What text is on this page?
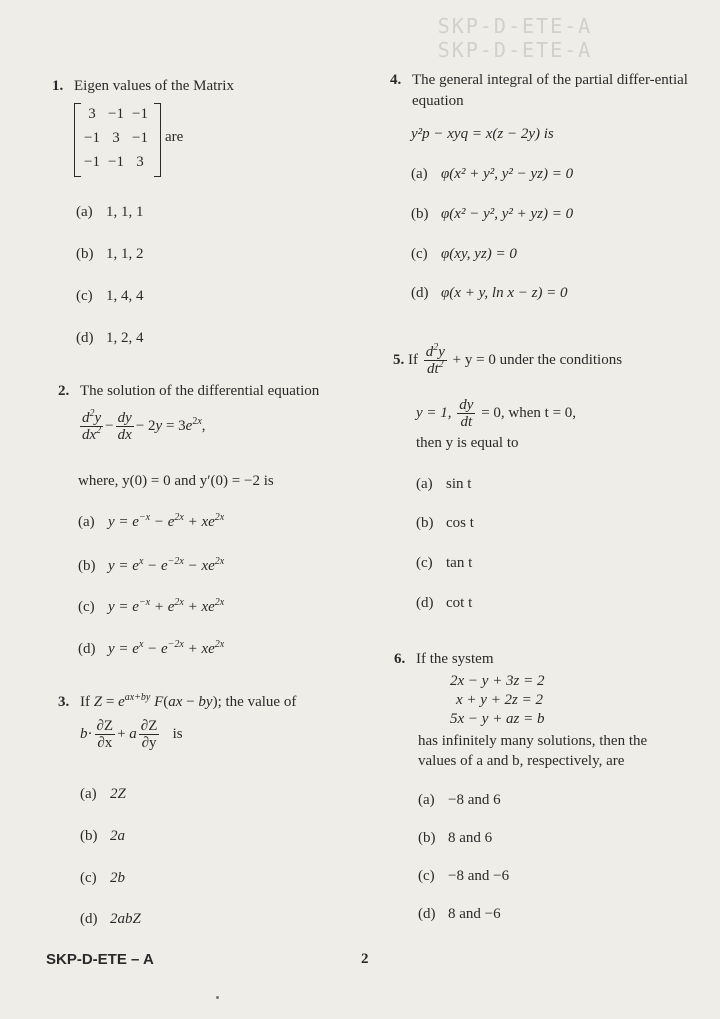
SKP-D-ETE-A
SKP-D-ETE-A
1. Eigen values of the Matrix
3 −1 −1
−1 3 −1
−1 −1 3
are
(a) 1, 1, 1
(b) 1, 1, 2
(c) 1, 4, 4
(d) 1, 2, 4
2. The solution of the differential equation
$\frac{d^2y}{dx^2} - \frac{dy}{dx} - 2y = 3e^{2x}$,
where, y(0) = 0 and y′(0) = −2 is
(a) $y = e^{-x} - e^{2x} + xe^{2x}$
(b) $y = e^x - e^{-2x} - xe^{2x}$
(c) $y = e^{-x} + e^{2x} + xe^{2x}$
(d) $y = e^x - e^{-2x} + xe^{2x}$
3. If $Z = e^{ax+by}$ F(ax − by); the value of
$b\cdot \frac{\partial Z}{\partial x} + a \frac{\partial Z}{\partial y}$ is
(a) 2Z
(b) 2a
(c) 2b
(d) 2abZ
4. The general integral of the partial differ-ential equation
y²p − xyq = x(z − 2y) is
(a) φ(x² + y², y² − yz) = 0
(b) φ(x² − y², y² + yz) = 0
(c) φ(xy, yz) = 0
(d) φ(x + y, ln x − z) = 0
5. If $\frac{d^2y}{dt^2} + y = 0$ under the conditions
y = 1, $\frac{dy}{dt} = 0$, when t = 0,
then y is equal to
(a) sin t
(b) cos t
(c) tan t
(d) cot t
6. If the system
2x − y + 3z = 2
x + y + 2z = 2
5x − y + az = b
has infinitely many solutions, then the
values of a and b, respectively, are
(a) −8 and 6
(b) 8 and 6
(c) −8 and −6
(d) 8 and −6
SKP-D-ETE – A	2
